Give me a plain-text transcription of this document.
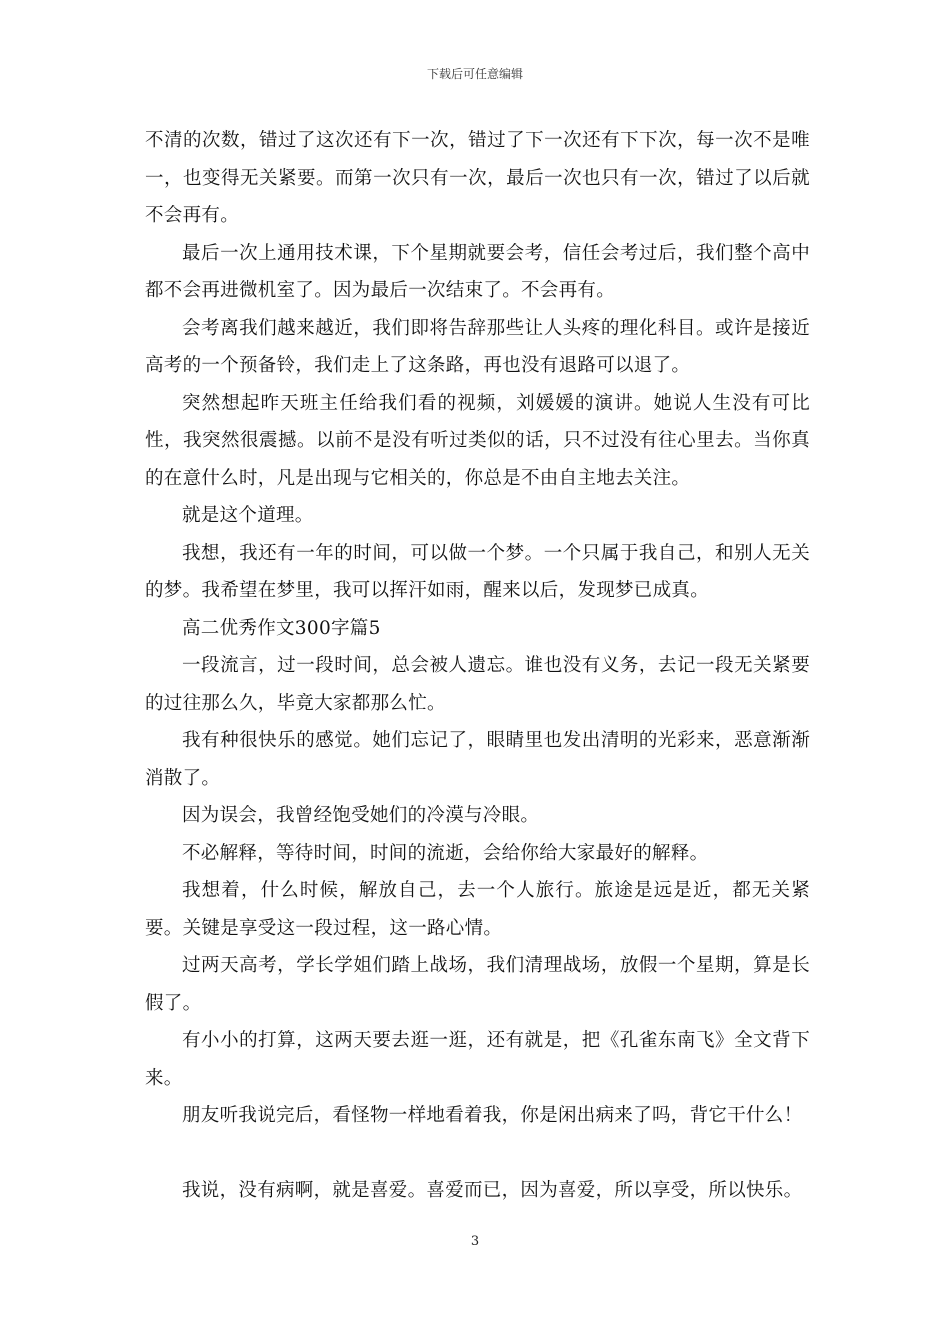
下载后可任意编辑

不清的次数，错过了这次还有下一次，错过了下一次还有下下次，每一次不是唯一，也变得无关紧要。而第一次只有一次，最后一次也只有一次，错过了以后就不会再有。

最后一次上通用技术课，下个星期就要会考，信任会考过后，我们整个高中都不会再进微机室了。因为最后一次结束了。不会再有。

会考离我们越来越近，我们即将告辞那些让人头疼的理化科目。或许是接近高考的一个预备铃，我们走上了这条路，再也没有退路可以退了。

突然想起昨天班主任给我们看的视频，刘媛媛的演讲。她说人生没有可比性，我突然很震撼。以前不是没有听过类似的话，只不过没有往心里去。当你真的在意什么时，凡是出现与它相关的，你总是不由自主地去关注。

就是这个道理。

我想，我还有一年的时间，可以做一个梦。一个只属于我自己，和别人无关的梦。我希望在梦里，我可以挥汗如雨，醒来以后，发现梦已成真。

高二优秀作文300字篇5

一段流言，过一段时间，总会被人遗忘。谁也没有义务，去记一段无关紧要的过往那么久，毕竟大家都那么忙。

我有种很快乐的感觉。她们忘记了，眼睛里也发出清明的光彩来，恶意渐渐消散了。

因为误会，我曾经饱受她们的冷漠与冷眼。

不必解释，等待时间，时间的流逝，会给你给大家最好的解释。

我想着，什么时候，解放自己，去一个人旅行。旅途是远是近，都无关紧要。关键是享受这一段过程，这一路心情。

过两天高考，学长学姐们踏上战场，我们清理战场，放假一个星期，算是长假了。

有小小的打算，这两天要去逛一逛，还有就是，把《孔雀东南飞》全文背下来。

朋友听我说完后，看怪物一样地看着我，你是闲出病来了吗，背它干什么！

我说，没有病啊，就是喜爱。喜爱而已，因为喜爱，所以享受，所以快乐。

3
